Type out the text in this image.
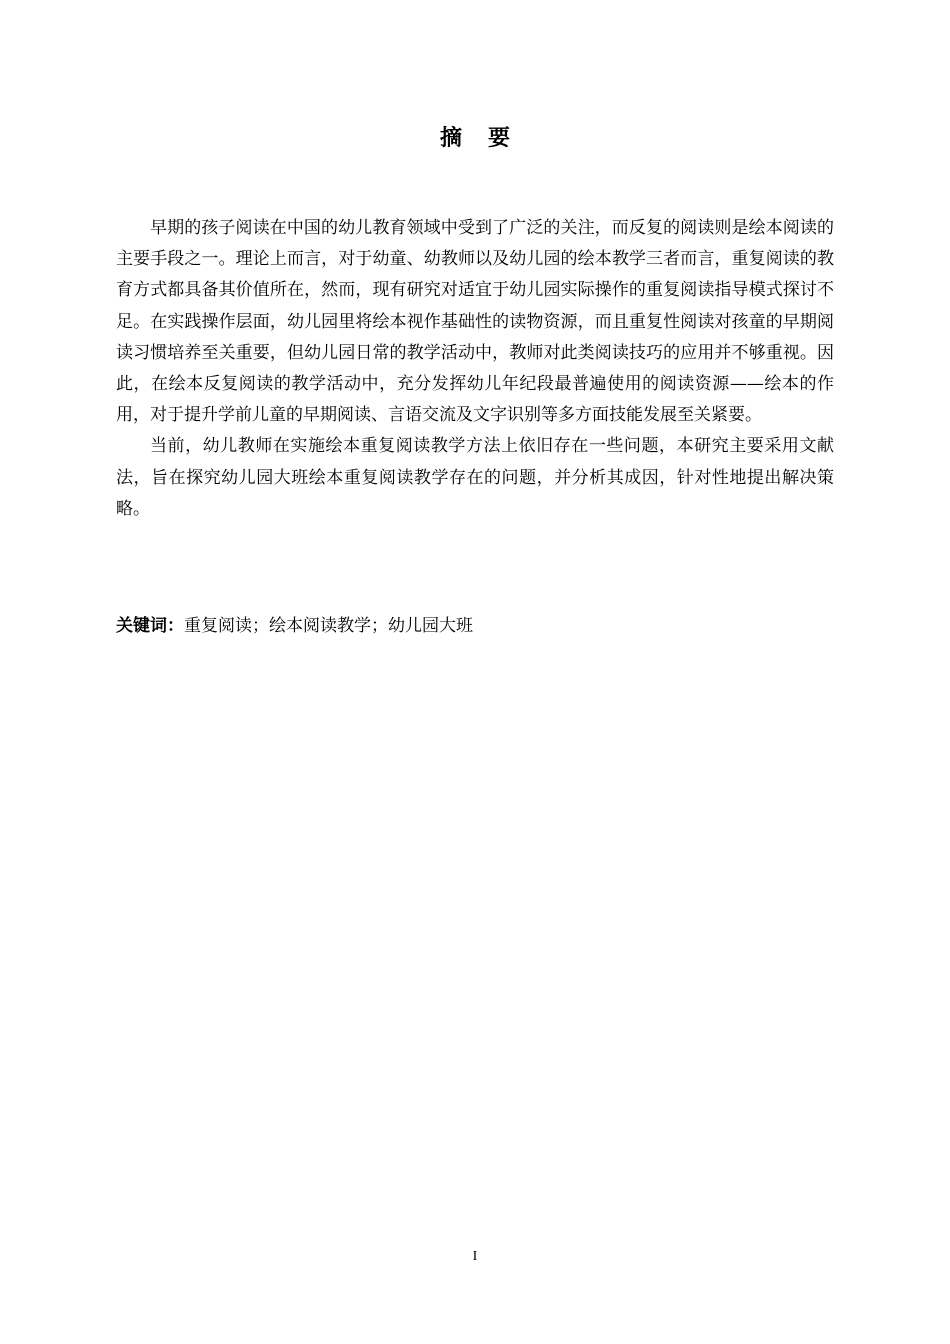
摘要

早期的孩子阅读在中国的幼儿教育领域中受到了广泛的关注，而反复的阅读则是绘本阅读的主要手段之一。理论上而言，对于幼童、幼教师以及幼儿园的绘本教学三者而言，重复阅读的教育方式都具备其价值所在，然而，现有研究对适宜于幼儿园实际操作的重复阅读指导模式探讨不足。在实践操作层面，幼儿园里将绘本视作基础性的读物资源，而且重复性阅读对孩童的早期阅读习惯培养至关重要，但幼儿园日常的教学活动中，教师对此类阅读技巧的应用并不够重视。因此，在绘本反复阅读的教学活动中，充分发挥幼儿年纪段最普遍使用的阅读资源——绘本的作用，对于提升学前儿童的早期阅读、言语交流及文字识别等多方面技能发展至关紧要。

当前，幼儿教师在实施绘本重复阅读教学方法上依旧存在一些问题，本研究主要采用文献法，旨在探究幼儿园大班绘本重复阅读教学存在的问题，并分析其成因，针对性地提出解决策略。

关键词：重复阅读；绘本阅读教学；幼儿园大班
I
